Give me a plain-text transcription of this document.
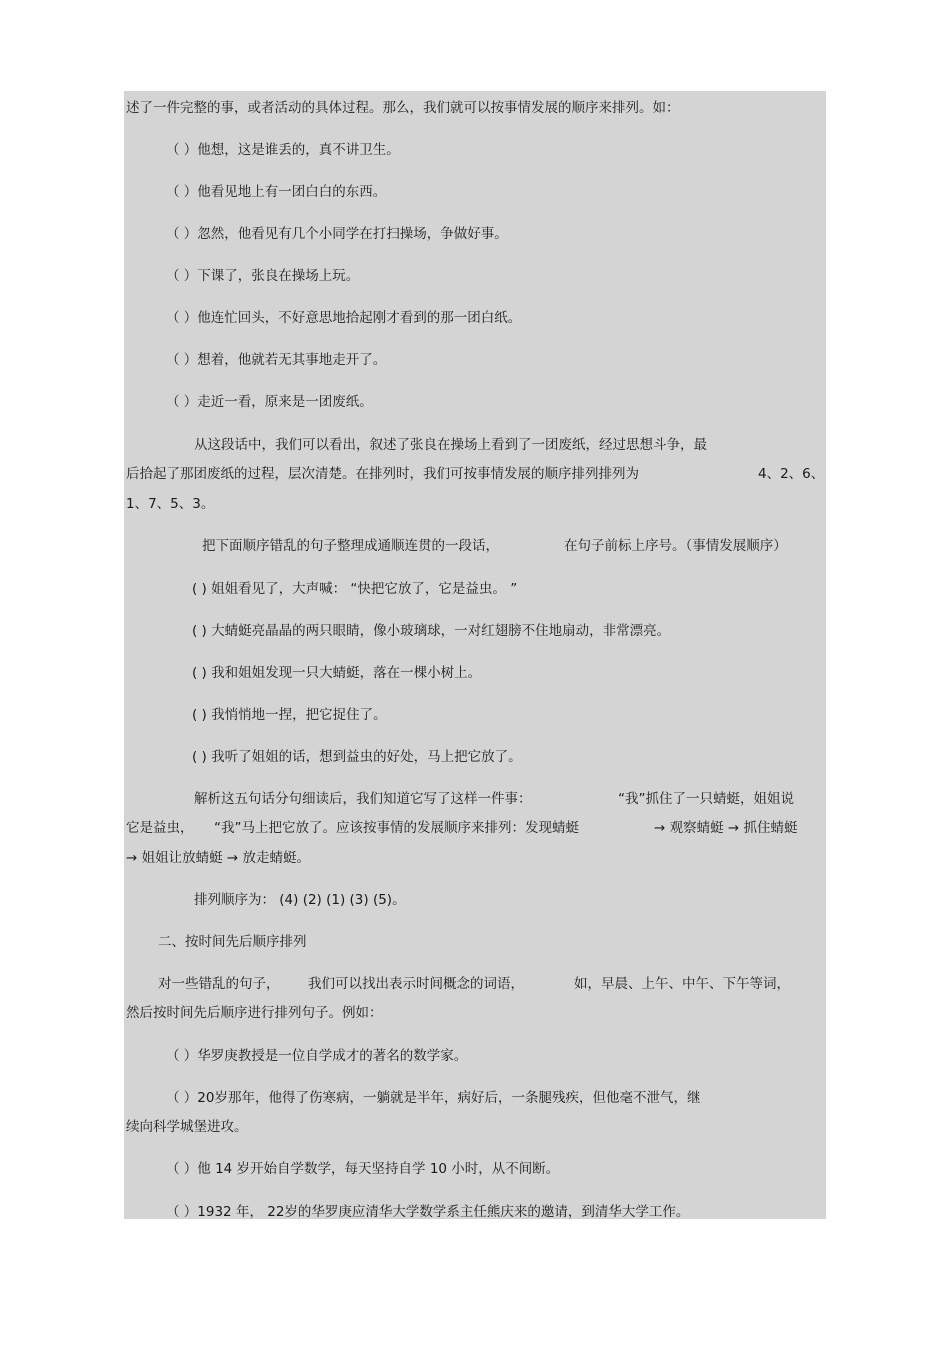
述了一件完整的事，或者活动的具体过程。那么，我们就可以按事情发展的顺序来排列。如：
（ ）他想，这是谁丢的，真不讲卫生。
（ ）他看见地上有一团白白的东西。
（ ）忽然，他看见有几个小同学在打扫操场，争做好事。
（ ）下课了，张良在操场上玩。
（ ）他连忙回头，不好意思地拾起刚才看到的那一团白纸。
（ ）想着，他就若无其事地走开了。
（ ）走近一看，原来是一团废纸。
从这段话中，我们可以看出，叙述了张良在操场上看到了一团废纸，经过思想斗争，最
后拾起了那团废纸的过程，层次清楚。在排列时，我们可按事情发展的顺序排列排列为	4、2、6、
1、7、5、3。
把下面顺序错乱的句子整理成通顺连贯的一段话，	在句子前标上序号。（事情发展顺序）
( ) 姐姐看见了，大声喊： “快把它放了，它是益虫。 ”
( ) 大蜻蜓亮晶晶的两只眼睛，像小玻璃球，一对红翅膀不住地扇动，非常漂亮。
( ) 我和姐姐发现一只大蜻蜓，落在一棵小树上。
( ) 我悄悄地一捏，把它捉住了。
( ) 我听了姐姐的话，想到益虫的好处，马上把它放了。
解析这五句话分句细读后，我们知道它写了这样一件事：	“我”抓住了一只蜻蜓，姐姐说
它是益虫， “我”马上把它放了。应该按事情的发展顺序来排列：发现蜻蜓	→ 观察蜻蜓 → 抓住蜻蜓
→ 姐姐让放蜻蜓 → 放走蜻蜓。
排列顺序为： (4) (2) (1) (3) (5)。
二、按时间先后顺序排列
对一些错乱的句子， 我们可以找出表示时间概念的词语，	如，早晨、上午、中午、下午等词，
然后按时间先后顺序进行排列句子。例如：
（ ）华罗庚教授是一位自学成才的著名的数学家。
（ ）20岁那年，他得了伤寒病，一躺就是半年，病好后，一条腿残疾，但他毫不泄气，继
续向科学城堡进攻。
（ ）他 14 岁开始自学数学，每天坚持自学 10 小时，从不间断。
（ ）1932 年， 22岁的华罗庚应清华大学数学系主任熊庆来的邀请，到清华大学工作。
